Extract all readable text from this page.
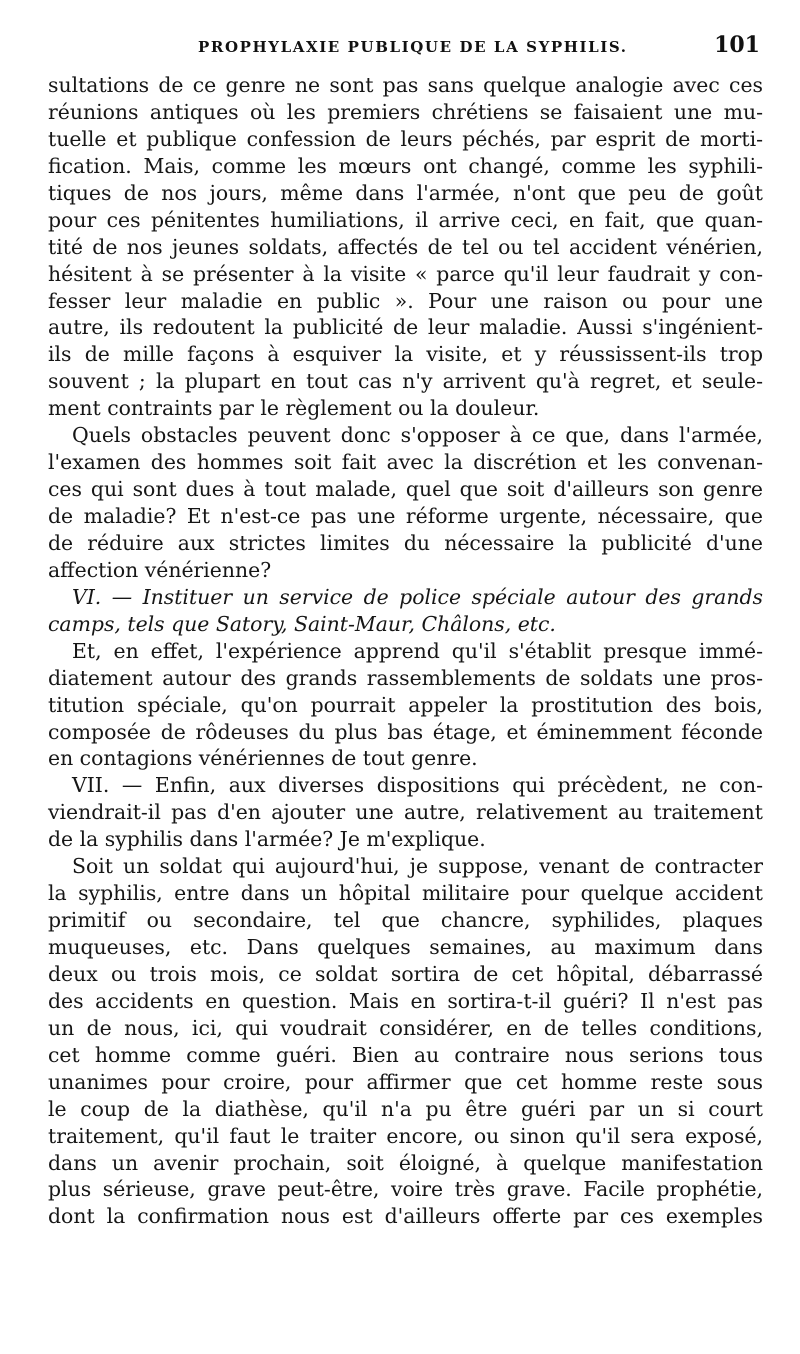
PROPHYLAXIE PUBLIQUE DE LA SYPHILIS.	101
sultations de ce genre ne sont pas sans quelque analogie avec ces
réunions antiques où les premiers chrétiens se faisaient une mu-
tuelle et publique confession de leurs péchés, par esprit de morti-
fication. Mais, comme les mœurs ont changé, comme les syphili-
tiques de nos jours, même dans l'armée, n'ont que peu de goût
pour ces pénitentes humiliations, il arrive ceci, en fait, que quan-
tité de nos jeunes soldats, affectés de tel ou tel accident vénérien,
hésitent à se présenter à la visite « parce qu'il leur faudrait y con-
fesser leur maladie en public ». Pour une raison ou pour une
autre, ils redoutent la publicité de leur maladie. Aussi s'ingénient-
ils de mille façons à esquiver la visite, et y réussissent-ils trop
souvent ; la plupart en tout cas n'y arrivent qu'à regret, et seule-
ment contraints par le règlement ou la douleur.
Quels obstacles peuvent donc s'opposer à ce que, dans l'armée,
l'examen des hommes soit fait avec la discrétion et les convenan-
ces qui sont dues à tout malade, quel que soit d'ailleurs son genre
de maladie? Et n'est-ce pas une réforme urgente, nécessaire, que
de réduire aux strictes limites du nécessaire la publicité d'une
affection vénérienne?
VI. — Instituer un service de police spéciale autour des grands
camps, tels que Satory, Saint-Maur, Châlons, etc.
Et, en effet, l'expérience apprend qu'il s'établit presque immé-
diatement autour des grands rassemblements de soldats une pros-
titution spéciale, qu'on pourrait appeler la prostitution des bois,
composée de rôdeuses du plus bas étage, et éminemment féconde
en contagions vénériennes de tout genre.
VII. — Enfin, aux diverses dispositions qui précèdent, ne con-
viendrait-il pas d'en ajouter une autre, relativement au traitement
de la syphilis dans l'armée? Je m'explique.
Soit un soldat qui aujourd'hui, je suppose, venant de contracter
la syphilis, entre dans un hôpital militaire pour quelque accident
primitif ou secondaire, tel que chancre, syphilides, plaques
muqueuses, etc. Dans quelques semaines, au maximum dans
deux ou trois mois, ce soldat sortira de cet hôpital, débarrassé
des accidents en question. Mais en sortira-t-il guéri? Il n'est pas
un de nous, ici, qui voudrait considérer, en de telles conditions,
cet homme comme guéri. Bien au contraire nous serions tous
unanimes pour croire, pour affirmer que cet homme reste sous
le coup de la diathèse, qu'il n'a pu être guéri par un si court
traitement, qu'il faut le traiter encore, ou sinon qu'il sera exposé,
dans un avenir prochain, soit éloigné, à quelque manifestation
plus sérieuse, grave peut-être, voire très grave. Facile prophétie,
dont la confirmation nous est d'ailleurs offerte par ces exemples
